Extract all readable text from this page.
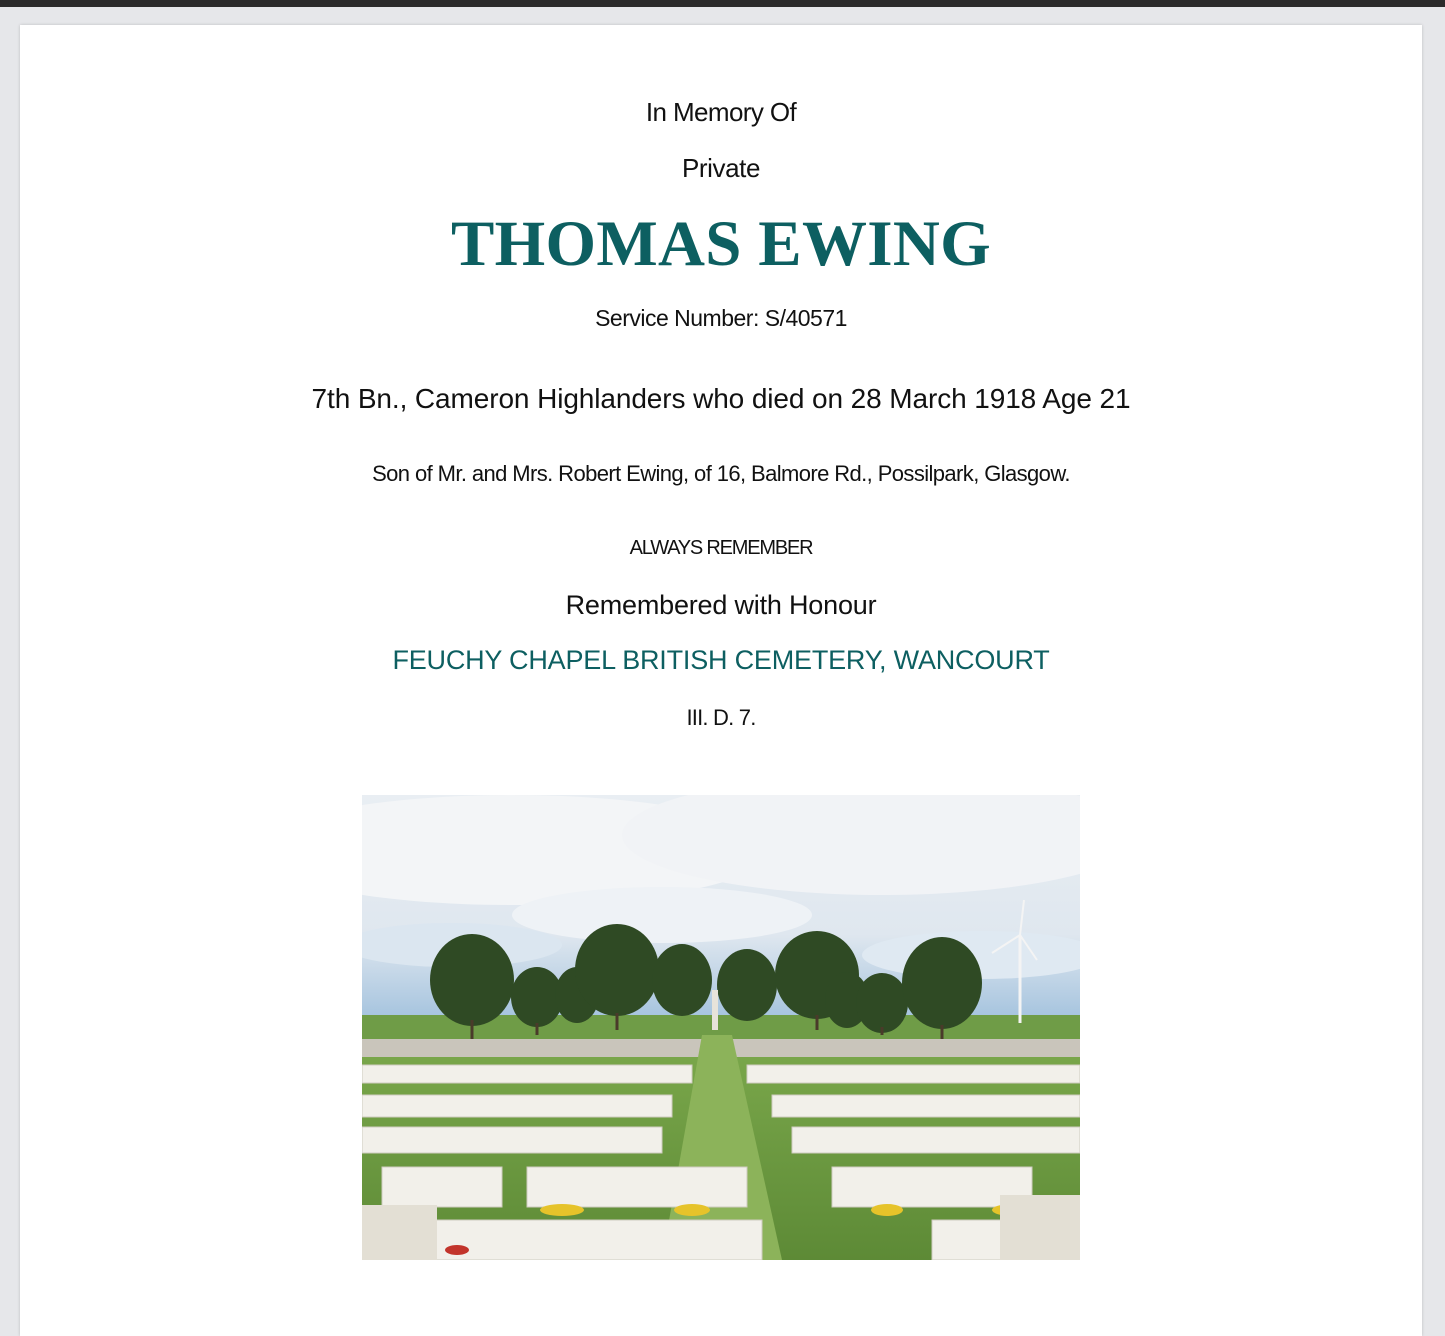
In Memory Of
Private
THOMAS EWING
Service Number: S/40571
7th Bn., Cameron Highlanders who died on 28 March 1918 Age 21
Son of Mr. and Mrs. Robert Ewing, of 16, Balmore Rd., Possilpark, Glasgow.
ALWAYS REMEMBER
Remembered with Honour
FEUCHY CHAPEL BRITISH CEMETERY, WANCOURT
III. D. 7.
